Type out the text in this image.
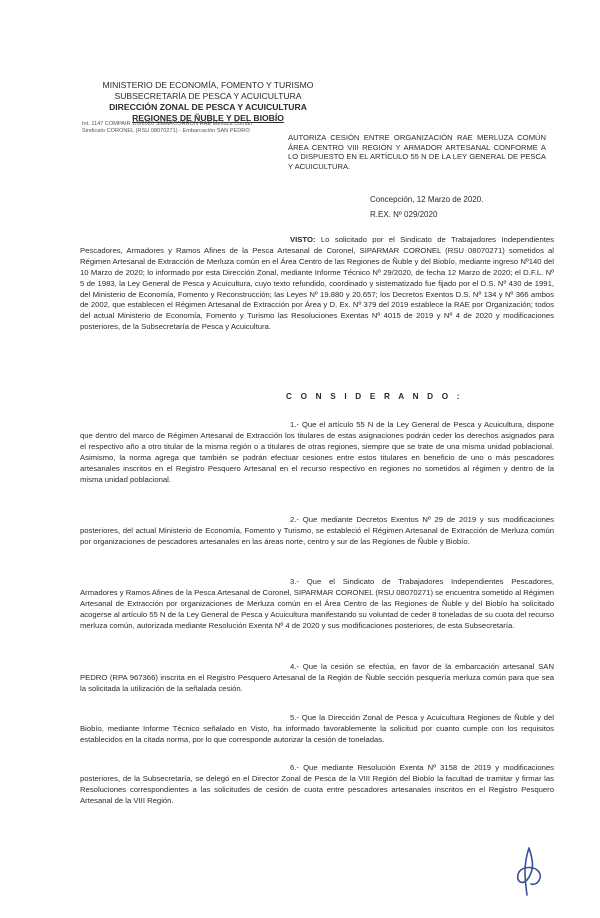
MINISTERIO DE ECONOMÍA, FOMENTO Y TURISMO
SUBSECRETARÍA DE PESCA Y ACUICULTURA
DIRECCIÓN ZONAL DE PESCA Y ACUICULTURA
REGIONES DE ÑUBLE Y DEL BIOBÍO
Int. 1147 COMPAIR 1/0/2020 SIMARCORRON RAE Merluza Común
Sindicato CORONEL (RSU 08070271) - Embarcación SAN PEDRO
AUTORIZA CESIÓN ENTRE ORGANIZACIÓN RAE MERLUZA COMÚN ÁREA CENTRO VIII REGIÓN Y ARMADOR ARTESANAL CONFORME A LO DISPUESTO EN EL ARTÍCULO 55 N DE LA LEY GENERAL DE PESCA Y ACUICULTURA.
Concepción, 12 Marzo de 2020.
R.EX. Nº 029/2020
VISTO: Lo solicitado por el Sindicato de Trabajadores Independientes Pescadores, Armadores y Ramos Afines de la Pesca Artesanal de Coronel, SIPARMAR CORONEL (RSU 08070271) sometidos al Régimen Artesanal de Extracción de Merluza común en el Área Centro de las Regiones de Ñuble y del Biobío, mediante ingreso Nº140 del 10 Marzo de 2020; lo informado por esta Dirección Zonal, mediante Informe Técnico Nº 29/2020, de fecha 12 Marzo de 2020; el D.F.L. Nº 5 de 1983, la Ley General de Pesca y Acuicultura, cuyo texto refundido, coordinado y sistematizado fue fijado por el D.S. Nº 430 de 1991, del Ministerio de Economía, Fomento y Reconstrucción; las Leyes Nº 19.880 y 20.657; los Decretos Exentos D.S. Nº 134 y Nº 366 ambos de 2002, que establecen el Régimen Artesanal de Extracción por Área y D. Ex. Nº 379 del 2019 establece la RAE por Organización; todos del actual Ministerio de Economía, Fomento y Turismo las Resoluciones Exentas Nº 4015 de 2019 y Nº 4 de 2020 y modificaciones posteriores, de la Subsecretaría de Pesca y Acuicultura.
C O N S I D E R A N D O :
1.- Que el artículo 55 N de la Ley General de Pesca y Acuicultura, dispone que dentro del marco de Régimen Artesanal de Extracción los titulares de estas asignaciones podrán ceder los derechos asignados para el respectivo año a otro titular de la misma región o a titulares de otras regiones, siempre que se trate de una misma unidad poblacional. Asimismo, la norma agrega que también se podrán efectuar cesiones entre estos titulares en beneficio de uno o más pescadores artesanales inscritos en el Registro Pesquero Artesanal en el recurso respectivo en regiones no sometidos al régimen y dentro de la misma unidad poblacional.
2.- Que mediante Decretos Exentos Nº 29 de 2019 y sus modificaciones posteriores, del actual Ministerio de Economía, Fomento y Turismo, se estableció el Régimen Artesanal de Extracción de Merluza común por organizaciones de pescadores artesanales en las áreas norte, centro y sur de las Regiones de Ñuble y Biobío.
3.- Que el Sindicato de Trabajadores Independientes Pescadores, Armadores y Ramos Afines de la Pesca Artesanal de Coronel, SIPARMAR CORONEL (RSU 08070271) se encuentra sometido al Régimen Artesanal de Extracción por organizaciones de Merluza común en el Área Centro de las Regiones de Ñuble y del Biobío ha solicitado acogerse al artículo 55 N de la Ley General de Pesca y Acuicultura manifestando su voluntad de ceder 8 toneladas de su cuota del recurso merluza común, autorizada mediante Resolución Exenta Nº 4 de 2020 y sus modificaciones posteriores, de esta Subsecretaría.
4.- Que la cesión se efectúa, en favor de la embarcación artesanal SAN PEDRO (RPA 967366) inscrita en el Registro Pesquero Artesanal de la Región de Ñuble sección pesquería merluza común para que sea la solicitada la utilización de la señalada cesión.
5.- Que la Dirección Zonal de Pesca y Acuicultura Regiones de Ñuble y del Biobío, mediante Informe Técnico señalado en Visto, ha informado favorablemente la solicitud por cuanto cumple con los requisitos establecidos en la citada norma, por lo que corresponde autorizar la cesión de toneladas.
6.- Que mediante Resolución Exenta Nº 3158 de 2019 y modificaciones posteriores, de la Subsecretaría, se delegó en el Director Zonal de Pesca de la VIII Región del Biobío la facultad de tramitar y firmar las Resoluciones correspondientes a las solicitudes de cesión de cuota entre pescadores artesanales inscritos en el Registro Pesquero Artesanal de la VIII Región.
